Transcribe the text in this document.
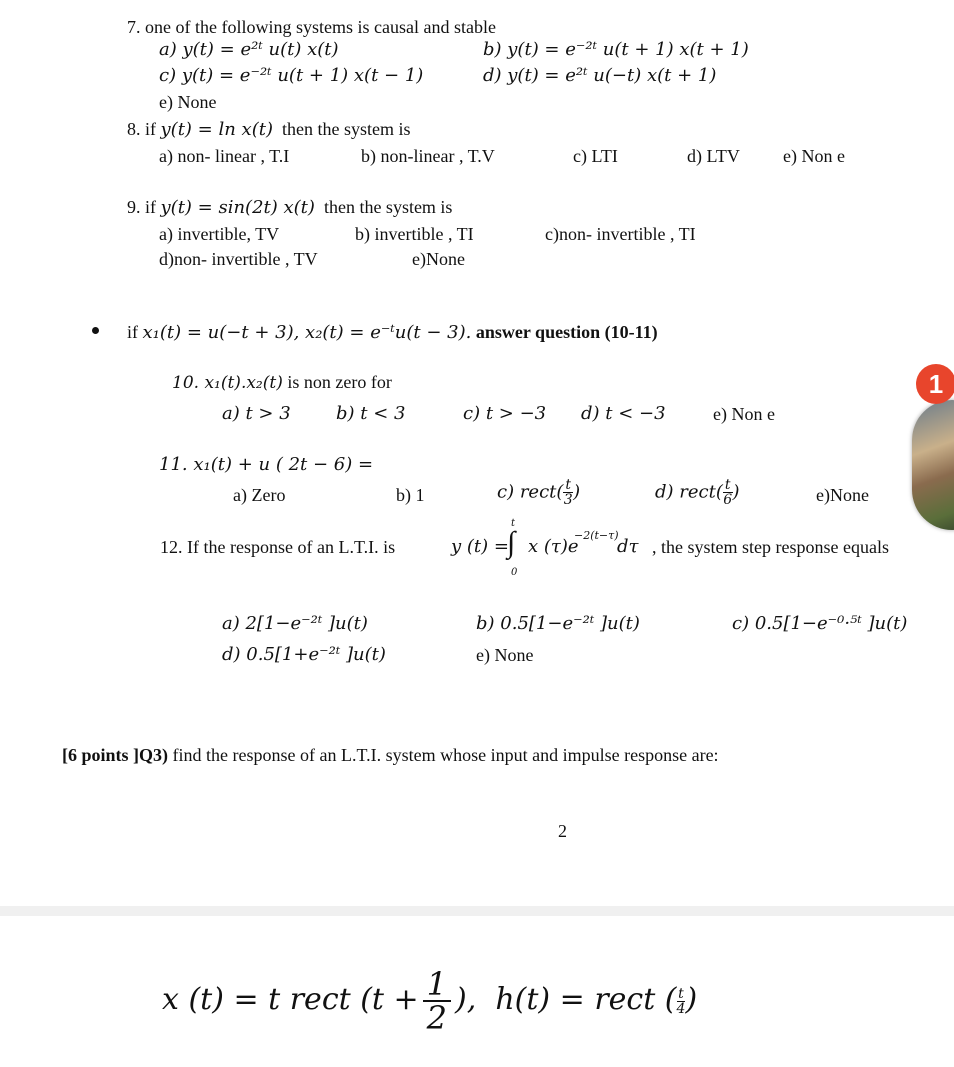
7. one of the following systems is causal and stable
a) y(t) = e²ᵗ u(t) x(t)	b) y(t) = e⁻²ᵗ u(t + 1) x(t + 1)
c) y(t) = e⁻²ᵗ u(t + 1) x(t − 1)	d) y(t) = e²ᵗ u(−t) x(t + 1)
e) None
8. if y(t) = ln x(t) then the system is
a) non- linear , T.I	b) non-linear , T.V	c) LTI	d) LTV e) Non e
9. if y(t) = sin(2t) x(t) then the system is
a) invertible, TV	b) invertible , TI	c)non- invertible , TI
d)non- invertible , TV	e)None
if x₁(t) = u(−t + 3), x₂(t) = e⁻ᵗu(t − 3). answer question (10-11)
10. x₁(t).x₂(t) is non zero for
a) t > 3	b) t < 3	c) t > −3 d) t < −3	e) Non e
11. x₁(t) + u ( 2t − 6) =
a) Zero	b) 1	c) rect( $\frac{t}{3}$ )	d) rect( $\frac{t}{6}$ )	e)None
12. If the response of an L.T.I. is	y (t) =
t
∫
0
x (τ)e
−2(t−τ)
dτ , the system step response equals
a) 2[1−e⁻²ᵗ ]u(t)	b) 0.5[1−e⁻²ᵗ ]u(t)	c) 0.5[1−e⁻⁰·⁵ᵗ ]u(t)
d) 0.5[1+e⁻²ᵗ ]u(t)	e) None
[6 points ]Q3) find the response of an L.T.I. system whose input and impulse response are:
2
x (t) = t rect ($t + \frac{1}{2}$ ), h(t) = rect ( $\frac{t}{4}$ )
1
